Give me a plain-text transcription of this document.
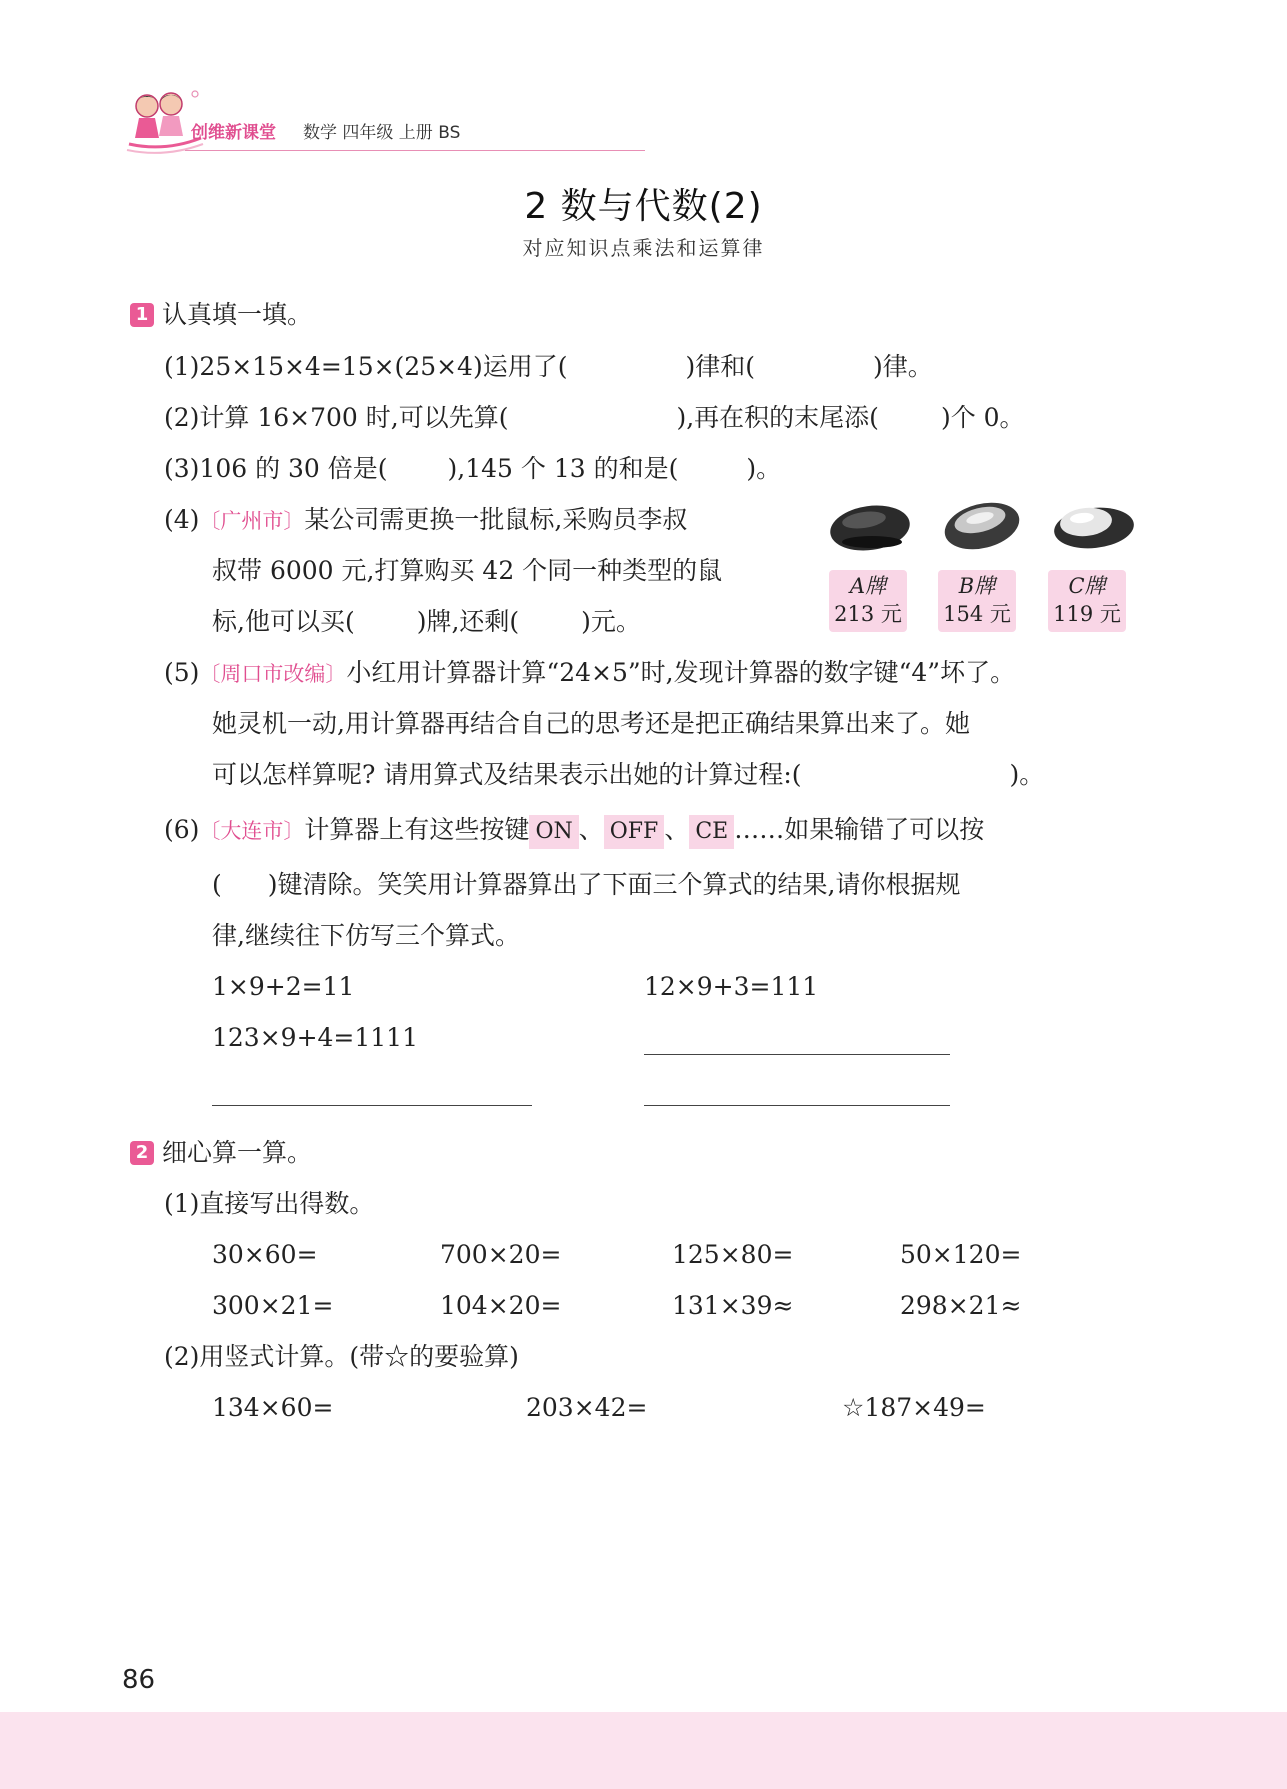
创维新课堂 数学 四年级 上册 BS
2 数与代数(2)
对应知识点乘法和运算律
1 认真填一填。
(1)25×15×4=15×(25×4)运用了(	)律和(	)律。
(2)计算 16×700 时,可以先算(	),再在积的末尾添( )个 0。
(3)106 的 30 倍是( ),145 个 13 的和是(	)。
(4)〔广州市〕某公司需更换一批鼠标,采购员李叔
叔带 6000 元,打算购买 42 个同一种类型的鼠
标,他可以买( )牌,还剩( )元。
A牌
213 元
B牌
154 元
C牌
119 元
(5)〔周口市改编〕小红用计算器计算“24×5”时,发现计算器的数字键“4”坏了。
她灵机一动,用计算器再结合自己的思考还是把正确结果算出来了。她
可以怎样算呢? 请用算式及结果表示出她的计算过程:(	)。
(6)〔大连市〕计算器上有这些按键 ON 、 OFF 、 CE ……如果输错了可以按
( )键清除。笑笑用计算器算出了下面三个算式的结果,请你根据规
律,继续往下仿写三个算式。
1×9+2=11	12×9+3=111
123×9+4=1111
2 细心算一算。
(1)直接写出得数。
30×60=	700×20=	125×80=	50×120=
300×21=	104×20=	131×39≈	298×21≈
(2)用竖式计算。(带☆的要验算)
134×60=	203×42=	☆187×49=
86
